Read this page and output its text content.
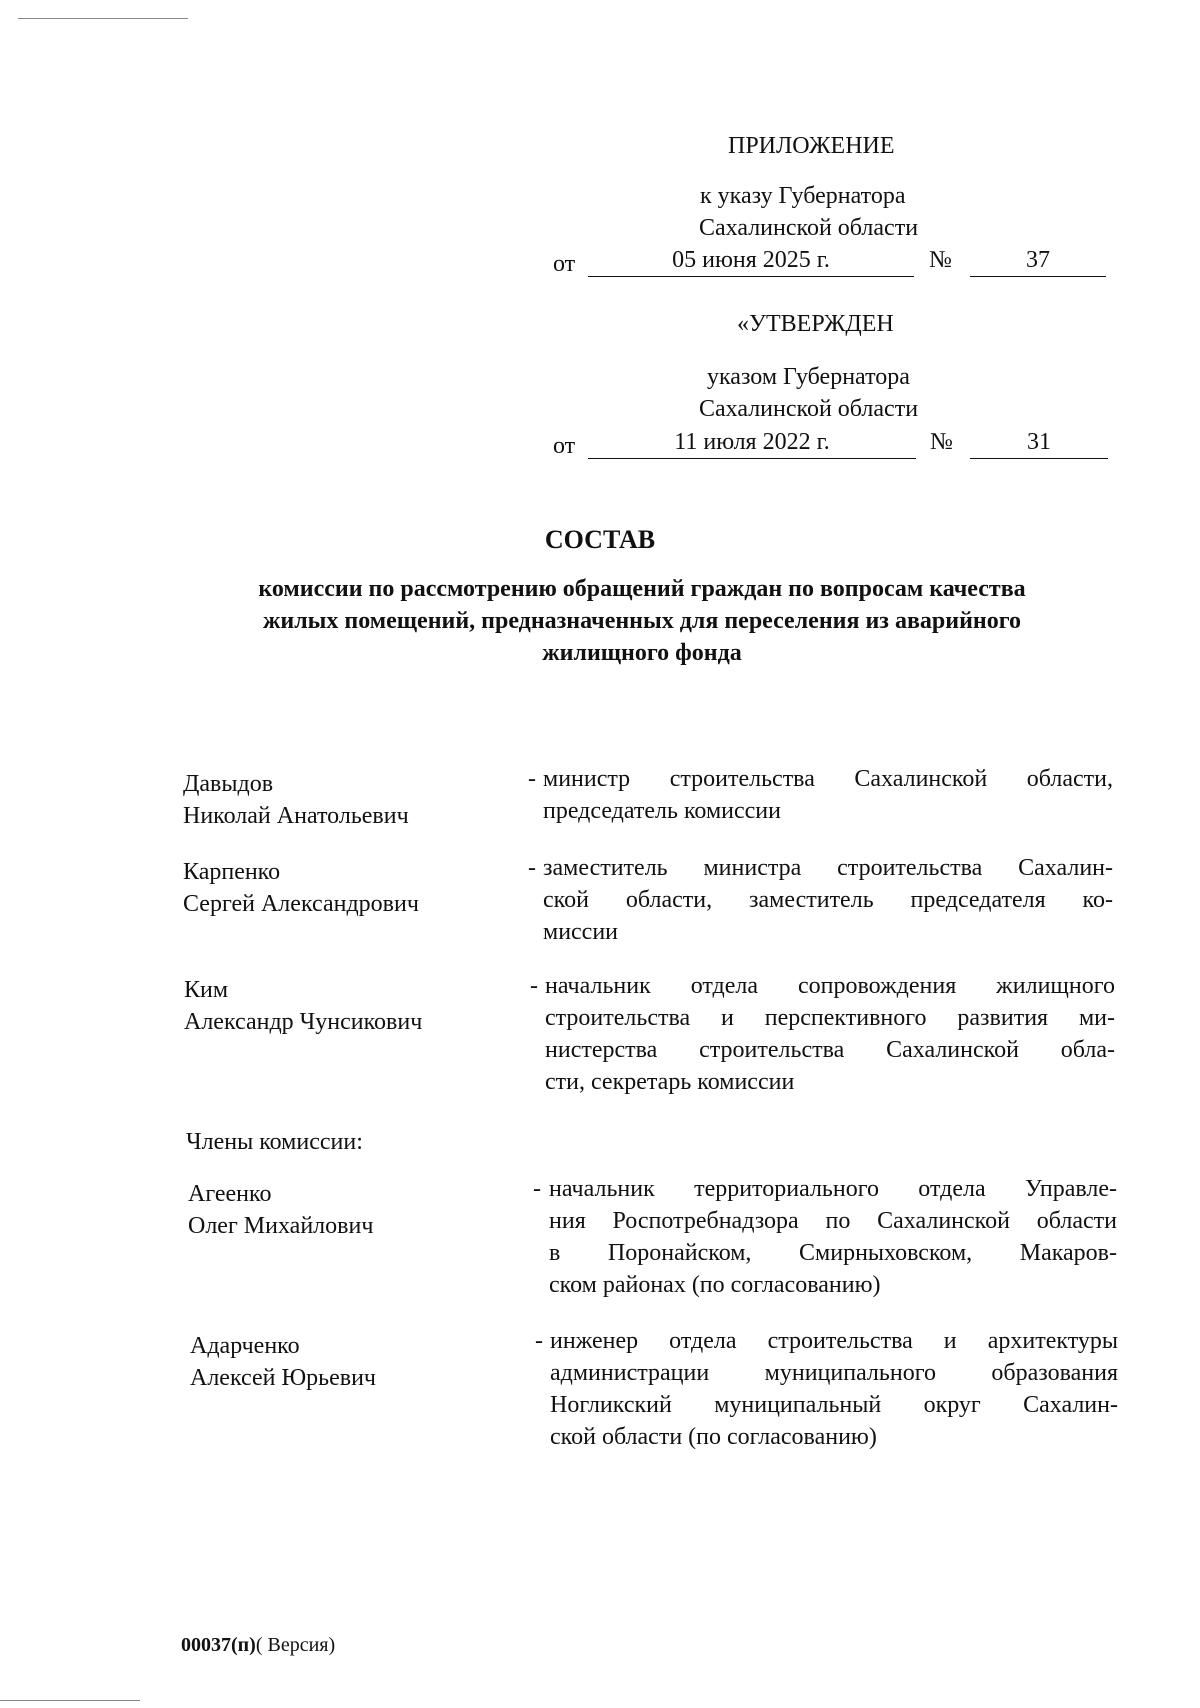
ПРИЛОЖЕНИЕ
к указу Губернатора
Сахалинской области
от	05 июня 2025 г.	№	37
«УТВЕРЖДЕН
указом Губернатора
Сахалинской области
от	11 июля 2022 г.	№	31
СОСТАВ
комиссии по рассмотрению обращений граждан по вопросам качества
жилых помещений, предназначенных для переселения из аварийного
жилищного фонда
Давыдов
Николай Анатольевич
- министр строительства Сахалинской области,
председатель комиссии
Карпенко
Сергей Александрович
- заместитель министра строительства Сахалин-
ской области, заместитель председателя ко-
миссии
Ким
Александр Чунсикович
- начальник отдела сопровождения жилищного
строительства и перспективного развития ми-
нистерства строительства Сахалинской обла-
сти, секретарь комиссии
Члены комиссии:
Агеенко
Олег Михайлович
- начальник территориального отдела Управле-
ния Роспотребнадзора по Сахалинской области
в Поронайском, Смирныховском, Макаров-
ском районах (по согласованию)
Адарченко
Алексей Юрьевич
- инженер отдела строительства и архитектуры
администрации муниципального образования
Ногликский муниципальный округ Сахалин-
ской области (по согласованию)
00037(п)( Версия)
